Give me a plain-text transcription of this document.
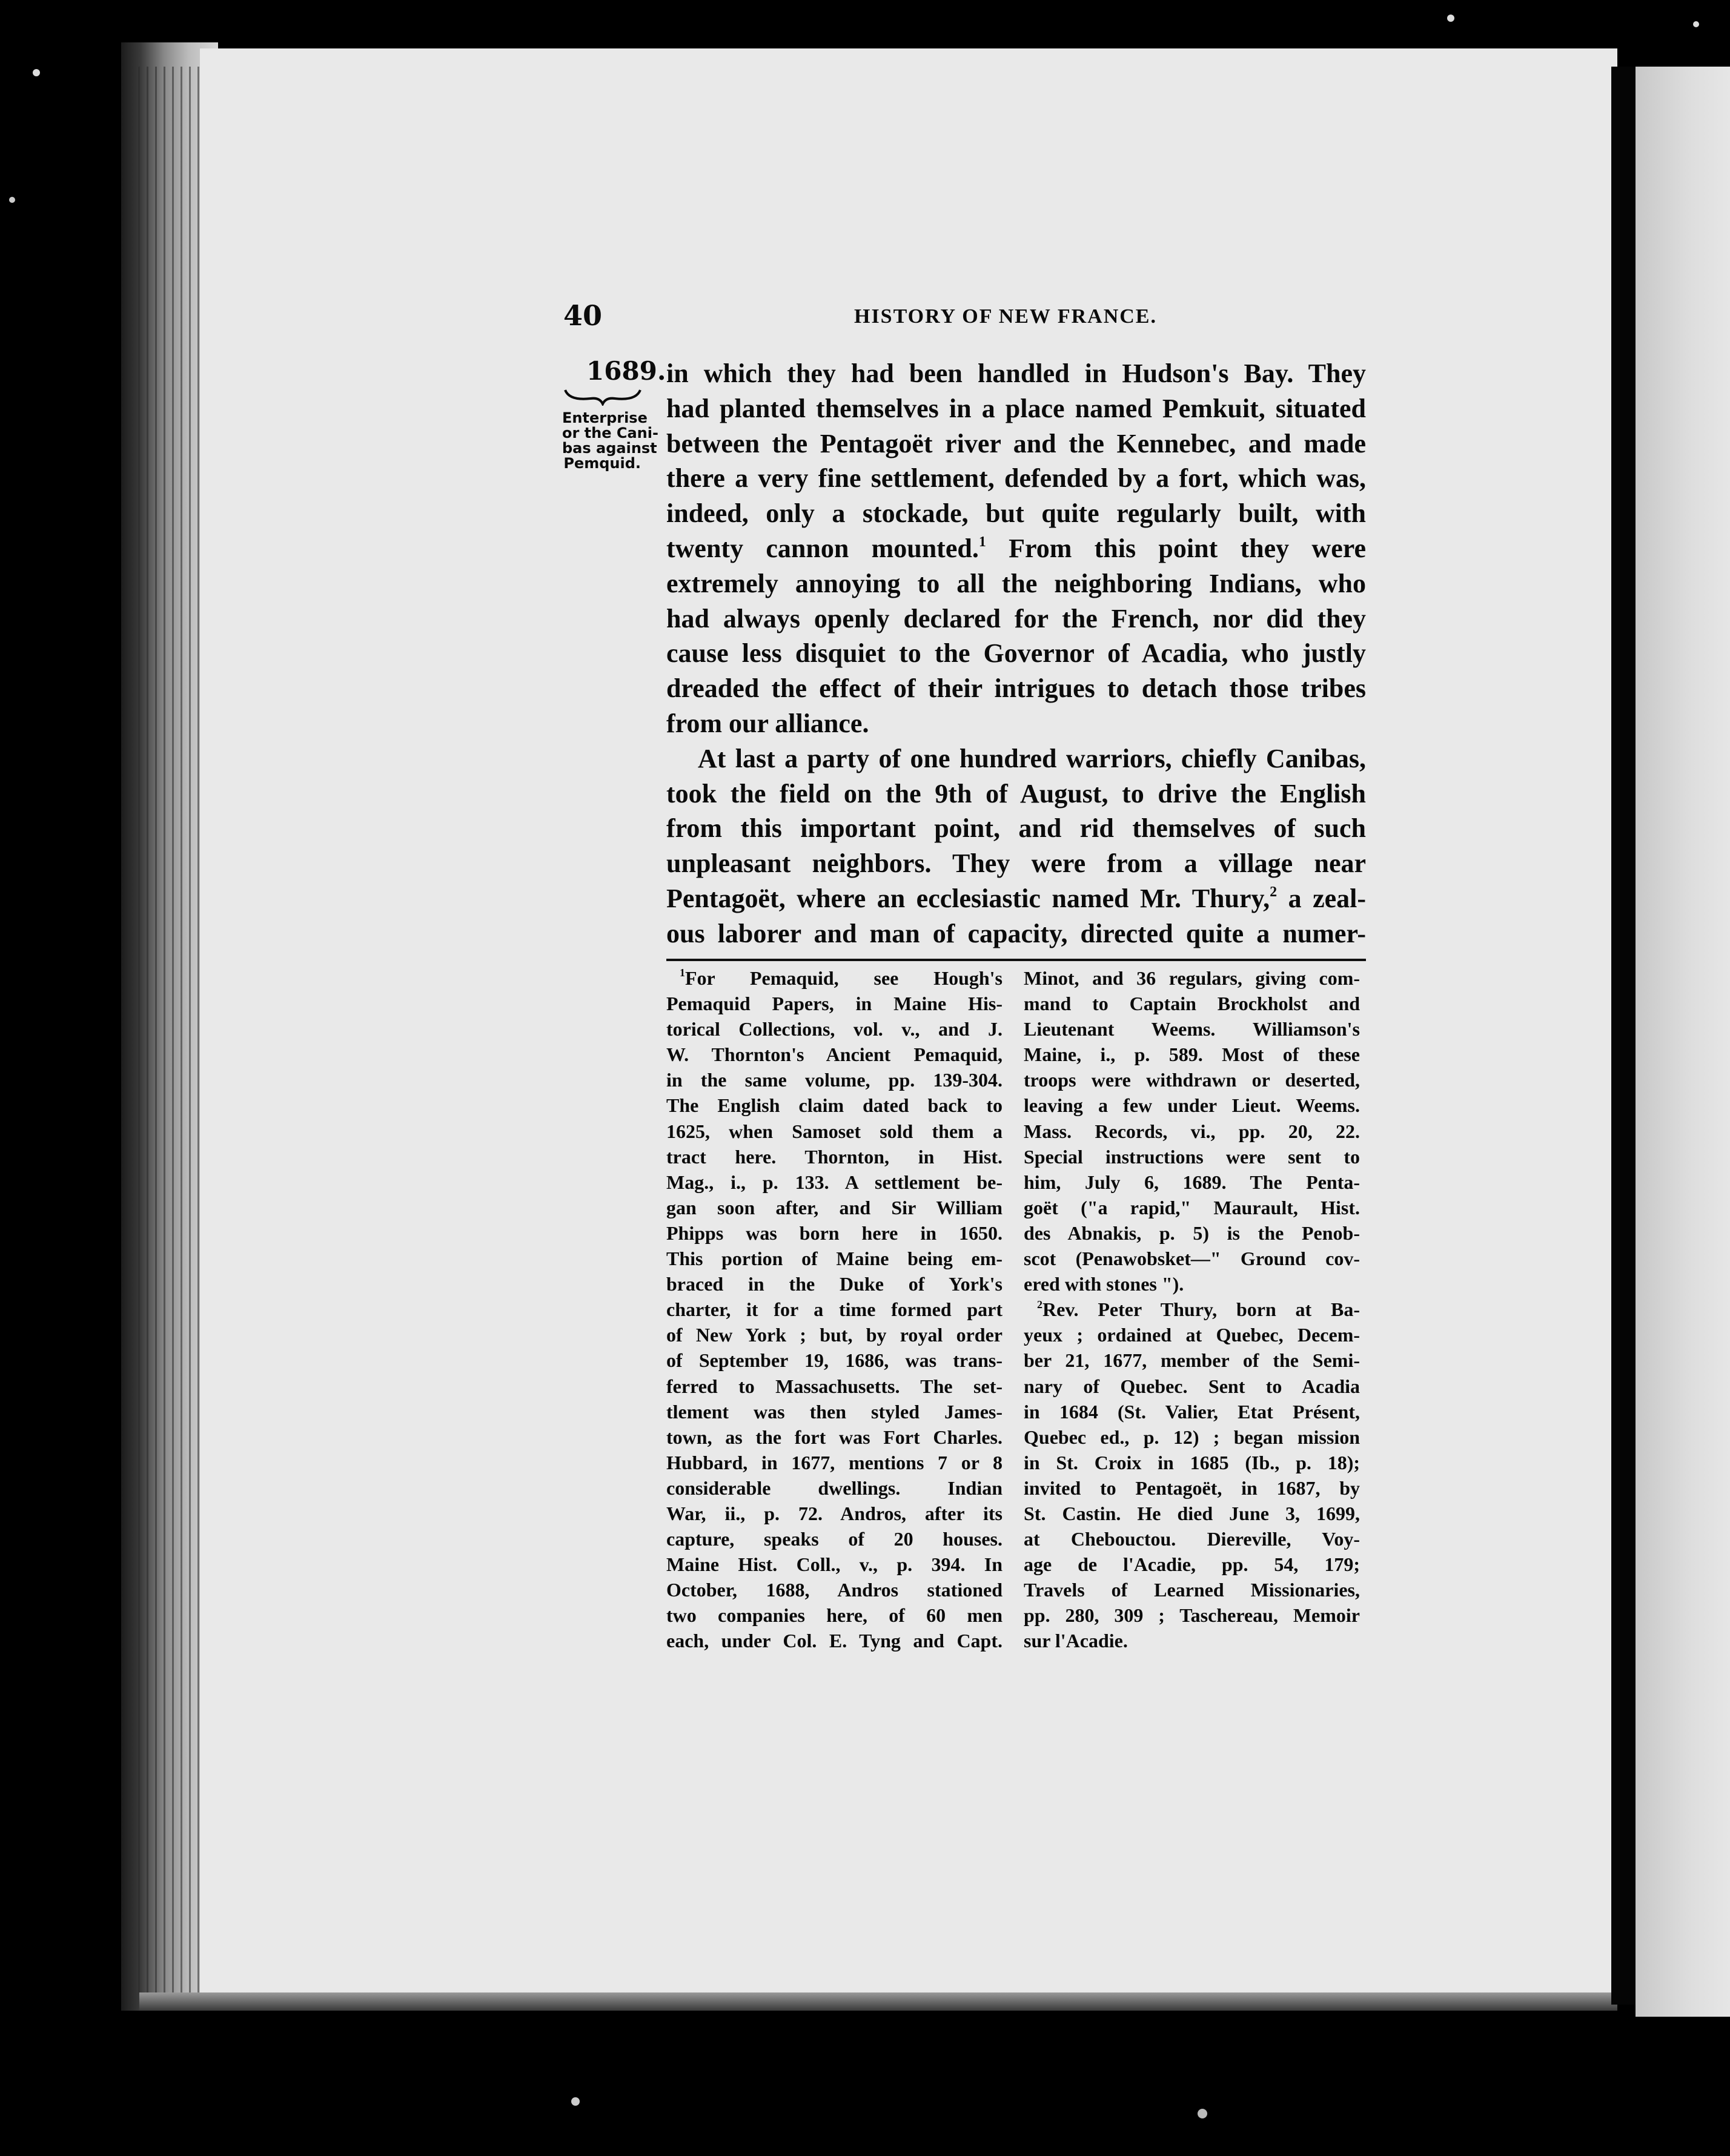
40	HISTORY OF NEW FRANCE.
1689.
Enterprise
or the Cani-
bas against
Pemquid.
in which they had been handled in Hudson's Bay. They
had planted themselves in a place named Pemkuit, situated
between the Pentagoët river and the Kennebec, and made
there a very fine settlement, defended by a fort, which was,
indeed, only a stockade, but quite regularly built, with
twenty cannon mounted.$^1$ From this point they were
extremely annoying to all the neighboring Indians, who
had always openly declared for the French, nor did they
cause less disquiet to the Governor of Acadia, who justly
dreaded the effect of their intrigues to detach those tribes
from our alliance.
At last a party of one hundred warriors, chiefly Canibas,
took the field on the 9th of August, to drive the English
from this important point, and rid themselves of such
unpleasant neighbors. They were from a village near
Pentagoët, where an ecclesiastic named Mr. Thury,$^2$ a zeal-
ous laborer and man of capacity, directed quite a numer-
$^1$For Pemaquid, see Hough's
Pemaquid Papers, in Maine His-
torical Collections, vol. v., and J.
W. Thornton's Ancient Pemaquid,
in the same volume, pp. 139-304.
The English claim dated back to
1625, when Samoset sold them a
tract here. Thornton, in Hist.
Mag., i., p. 133. A settlement be-
gan soon after, and Sir William
Phipps was born here in 1650.
This portion of Maine being em-
braced in the Duke of York's
charter, it for a time formed part
of New York ; but, by royal order
of September 19, 1686, was trans-
ferred to Massachusetts. The set-
tlement was then styled James-
town, as the fort was Fort Charles.
Hubbard, in 1677, mentions 7 or 8
considerable dwellings. Indian
War, ii., p. 72. Andros, after its
capture, speaks of 20 houses.
Maine Hist. Coll., v., p. 394. In
October, 1688, Andros stationed
two companies here, of 60 men
each, under Col. E. Tyng and Capt.
Minot, and 36 regulars, giving com-
mand to Captain Brockholst and
Lieutenant Weems. Williamson's
Maine, i., p. 589. Most of these
troops were withdrawn or deserted,
leaving a few under Lieut. Weems.
Mass. Records, vi., pp. 20, 22.
Special instructions were sent to
him, July 6, 1689. The Penta-
goët ("a rapid," Maurault, Hist.
des Abnakis, p. 5) is the Penob-
scot (Penawobsket—" Ground cov-
ered with stones ").
$^2$Rev. Peter Thury, born at Ba-
yeux ; ordained at Quebec, Decem-
ber 21, 1677, member of the Semi-
nary of Quebec. Sent to Acadia
in 1684 (St. Valier, Etat Présent,
Quebec ed., p. 12) ; began mission
in St. Croix in 1685 (Ib., p. 18);
invited to Pentagoët, in 1687, by
St. Castin. He died June 3, 1699,
at Chebouctou. Diereville, Voy-
age de l'Acadie, pp. 54, 179;
Travels of Learned Missionaries,
pp. 280, 309 ; Taschereau, Memoir
sur l'Acadie.
